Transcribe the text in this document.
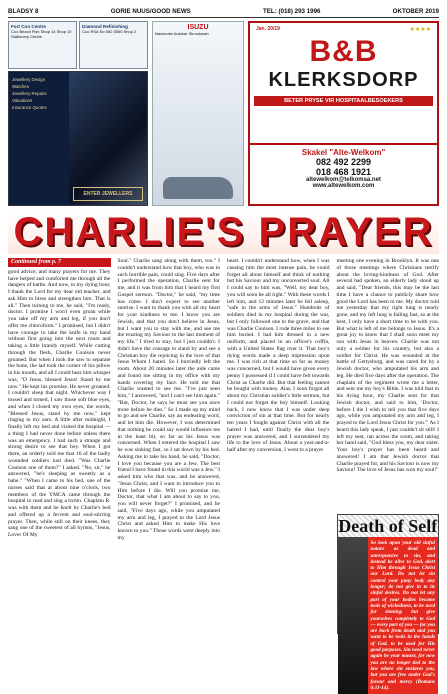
BLADSY 8	GORIE NUUS/GOOD NEWS	TEL: (018) 293 1996	OKTOBER 2019
Fort Coo Centre
Coo Beach Fish Shop 14 Shop 10 Stationery Centre
Diamond Refinishing
Coo RSA No 082 5550 Shop 2
Jewellery Design
Watches
Jewellery Repairs
Valuations
Insurance Quotes
ENTER JEWELLERS
ISUZU
Nasionale Autokar Skroukwart
Jan. 20/19	★★★★
B&B
KLERKSDORP
BETER PRYSE VIR HOSPITAALBESOEKERS
Skakel "Alte-Welkom"
082 492 2299
018 468 1921
altewelkom@telkomsa.net
www.altewelkom.com
CHARLIE'S PRAYER
Continued from p. 7

good advice, and many prayers for me. They have helped and comforted me through all the dangers of battle. And now, in my dying hour, I thank the Lord for my dear old teacher, and ask Him to bless and strengthen him. That is all." Then turning to me, he said, "I'm ready, doctor. I promise I won't even groan while you take off my arm and leg, if you don't offer me chloroform." I promised, but I didn't have courage to take the knife in my hand without first going into the next room and taking a little brandy myself. While cutting through the flesh, Charlie Coulson never groaned. But when I took the saw to separate the bone, the lad took the corner of his pillow in his mouth, and all I could hear him whisper was, "O Jesus, blessed Jesus! Stand by me now." He kept his promise. He never groaned. I couldn't sleep that night. Whichever way I tossed and turned, I saw those soft blue eyes, and when I closed my own eyes, the words, "Blessed Jesus, stand by me now," kept ringing in my ears. A little after midnight, I finally left my bed and visited the hospital — a thing I had never done before unless there was an emergency. I had such a strange and strong desire to see that boy. When I got there, an orderly told me that 16 of the badly wounded soldiers had died. "Was Charlie Coulson one of them?" I asked. "No, sir," he answered, "he's sleeping as sweetly as a babe." "When I came to his bed, one of the nurses said that at about nine o'clock, two members of the YMCA came through the hospital to read and sing a hymn. Chaplain R. was with them and he knelt by Charlie's bed and offered up a fervent and soul-stirring prayer. Then, while still on their knees, they sang one of the sweetest of all hymns, "Jesus, Lover Of My

Soul." Charlie sang along with them, too." I couldn't understand how that boy, who was in such horrible pain, could sing. Five days after I performed the operation, Charlie sent for me, and it was from him that I heard my first Gospel sermon. "Doctor," he said, "my time has come. I don't expect to see another sunrise. I want to thank you with all my heart for your kindness to me. I know you are Jewish, and that you don't believe in Jesus, but I want you to stay with me, and see me die trusting my Saviour to the last moment of my life." I tried to stay, but I just couldn't. I didn't have the courage to stand by and see a Christian boy die rejoicing in the love of that Jesus Whom I hated. So I hurriedly left the room. About 20 minutes later the aide came and found me sitting in my office with my hands covering my face. He told me that Charlie wanted to see me. "I've just seen him," I answered, "and I can't see him again." "But, Doctor, he says he must see you once more before he dies." So I made up my mind to go and see Charlie, say an endearing word, and let him die. However, I was determined that nothing he could say would influence me in the least bit, so far as his Jesus was concerned. When I entered the hospital I saw he was sinking fast, so I sat down by his bed. Asking me to take his hand, he said, "Doctor, I love you because you are a Jew. The best friend I have found in this world was a Jew." I asked him who that was, and he answered, "Jesus Christ, and I want to introduce you to Him before I die. Will you promise me, Doctor, that what I am about to say to you, you will never forget?" I promised, and he said, "Five days ago, while you amputated my arm and leg, I prayed to the Lord Jesus Christ and asked Him to make His love known to you." Those words went deeply into my

heart. I couldn't understand how, when I was causing him the most intense pain, he could forget all about himself and think of nothing but his Saviour and my unconverted soul. All I could say to him was, "Well, my dear boy, you will soon be all right." With these words I left him, and 12 minutes later he fell asleep, "safe in the arms of Jesus." Hundreds of soldiers died in my hospital during the war, but I only followed one to the grave, and that was Charlie Coulson. I rode three miles to see him buried. I had him dressed in a new uniform, and placed in an officer's coffin, with a United States flag over it. That boy's dying words made a deep impression upon me. I was rich at that time so far as money was concerned, but I would have given every penny I possessed if I could have felt towards Christ as Charlie did. But that feeling cannot be bought with money. Alas, I soon forgot all about my Christian soldier's little sermon, but I could not forget the boy himself. Looking back, I now know that I was under deep conviction of sin at that time. But for nearly ten years I fought against Christ with all the hatred I had, until finally the dear boy's prayer was answered, and I surrendered my life to the love of Jesus. About a year-and-a-half after my conversion, I went to a prayer

meeting one evening in Brooklyn. It was one of those meetings where Christians testify about the loving-kindness of God. After several had spoken, an elderly lady stood up and said, "Dear friends, this may be the last time I have a chance to publicly share how good the Lord has been to me. My doctor told me yesterday that my right lung is nearly gone, and my left lung is failing fast, so at the best, I only have a short time to be with you. But what is left of me belongs to Jesus. It's a great joy to know that I shall soon meet my son with Jesus in heaven. Charlie was not only a soldier for his country, but also a soldier for Christ. He was wounded at the battle of Gettysburg, and was cared for by a Jewish doctor, who amputated his arm and leg. He died five days after the operation. The chaplain of the regiment wrote me a letter, and sent me my boy's Bible. I was told that in his dying hour, my Charlie sent for that Jewish doctor, and said to him, 'Doctor, before I die I wish to tell you that five days ago, while you amputated my arm and leg, I prayed to the Lord Jesus Christ for you.'" As I heard this lady speak, I just couldn't sit still! I left my seat, ran across the room, and taking her hand said, "God bless you, my dear sister. Your boy's prayer has been heard and answered! I am that Jewish doctor that Charlie prayed for, and his Saviour is now my Saviour! The love of Jesus has won my soul!"

Death of Self
So look upon your old sinful nature as dead and unresponsive to sin, and instead be alive to God, alert to Him through Jesus Christ our Lord. Do not let sin control your puny body any longer; do not give in to its sinful desires. Do not let any part of your bodies become tools of wickedness, to be used for sinning; but give yourselves completely to God — every part of you — for you are back from death and you want to be tools in the hands of God, to be used for His good purposes. Sin need never again be your master, for now you are no longer tied to the law where sin enslaves you, but you are free under God's favour and mercy (Romans 6:11-14).
